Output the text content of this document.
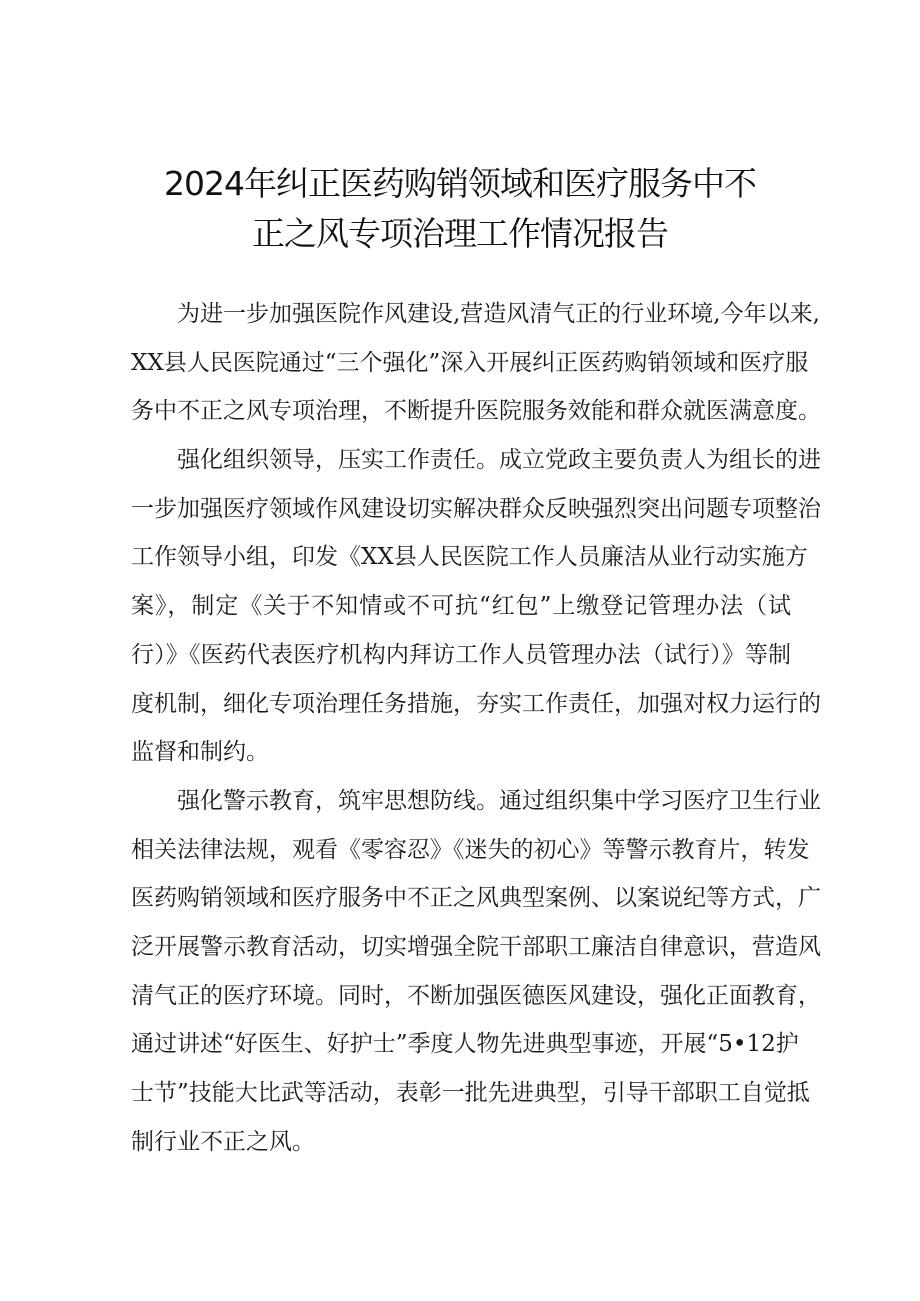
2024年纠正医药购销领域和医疗服务中不
正之风专项治理工作情况报告
为进一步加强医院作风建设,营造风清气正的行业环境,今年以来,
XX县人民医院通过“三个强化”深入开展纠正医药购销领域和医疗服
务中不正之风专项治理，不断提升医院服务效能和群众就医满意度。
强化组织领导，压实工作责任。成立党政主要负责人为组长的进
一步加强医疗领域作风建设切实解决群众反映强烈突出问题专项整治
工作领导小组，印发《XX县人民医院工作人员廉洁从业行动实施方
案》，制定《关于不知情或不可抗“红包”上缴登记管理办法（试
行）》《医药代表医疗机构内拜访工作人员管理办法（试行）》等制
度机制，细化专项治理任务措施，夯实工作责任，加强对权力运行的
监督和制约。
强化警示教育，筑牢思想防线。通过组织集中学习医疗卫生行业
相关法律法规，观看《零容忍》《迷失的初心》等警示教育片，转发
医药购销领域和医疗服务中不正之风典型案例、以案说纪等方式，广
泛开展警示教育活动，切实增强全院干部职工廉洁自律意识，营造风
清气正的医疗环境。同时，不断加强医德医风建设，强化正面教育，
通过讲述“好医生、好护士”季度人物先进典型事迹，开展“5•12护
士节”技能大比武等活动，表彰一批先进典型，引导干部职工自觉抵
制行业不正之风。
